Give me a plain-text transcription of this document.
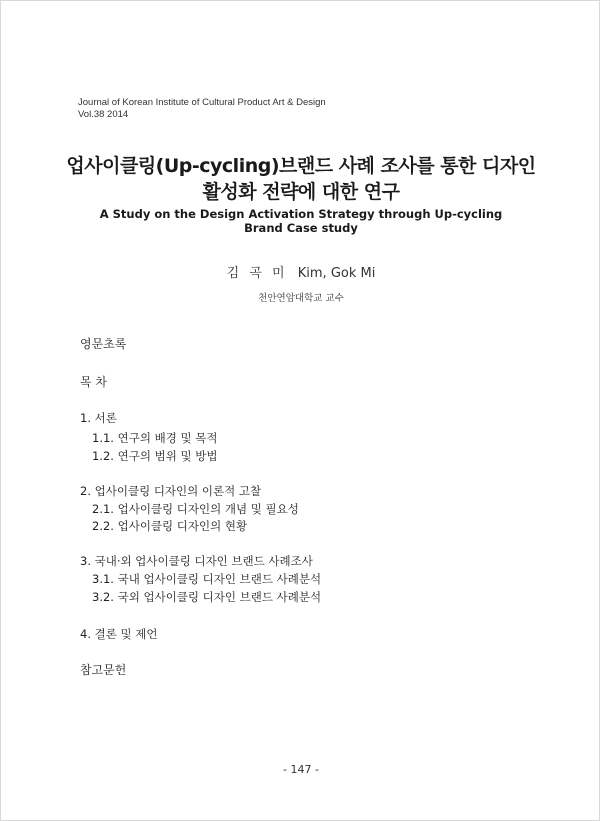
Journal of Korean Institute of Cultural Product Art & Design
Vol.38 2014
업사이클링(Up-cycling)브랜드 사례 조사를 통한 디자인
활성화 전략에 대한 연구
A Study on the Design Activation Strategy through Up-cycling
Brand Case study
김 곡 미 Kim, Gok Mi
천안연암대학교 교수
영문초록
목 차
1. 서론
1.1. 연구의 배경 및 목적
1.2. 연구의 범위 및 방법
2. 업사이클링 디자인의 이론적 고찰
2.1. 업사이클링 디자인의 개념 및 필요성
2.2. 업사이클링 디자인의 현황
3. 국내·외 업사이클링 디자인 브랜드 사례조사
3.1. 국내 업사이클링 디자인 브랜드 사례분석
3.2. 국외 업사이클링 디자인 브랜드 사례분석
4. 결론 및 제언
참고문헌
- 147 -
